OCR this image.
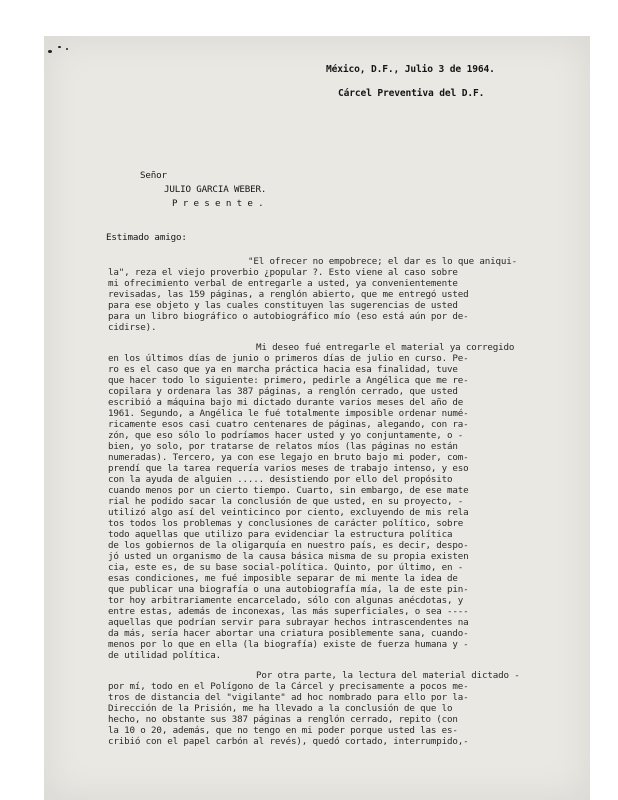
México, D.F., Julio 3 de 1964.
Cárcel Preventiva del D.F.
Señor
JULIO GARCIA WEBER.
P r e s e n t e .
Estimado amigo:
"El ofrecer no empobrece; el dar es lo que aniqui-
la", reza el viejo proverbio ¿popular ?. Esto viene al caso sobre
mi ofrecimiento verbal de entregarle a usted, ya convenientemente
revisadas, las 159 páginas, a renglón abierto, que me entregó usted
para ese objeto y las cuales constituyen las sugerencias de usted
para un libro biográfico o autobiográfico mío (eso está aún por de-
cidirse).
Mi deseo fué entregarle el material ya corregido
en los últimos días de junio o primeros días de julio en curso. Pe-
ro es el caso que ya en marcha práctica hacia esa finalidad, tuve
que hacer todo lo siguiente: primero, pedirle a Angélica que me re-
copilara y ordenara las 387 páginas, a renglón cerrado, que usted
escribió a máquina bajo mi dictado durante varios meses del año de
1961. Segundo, a Angélica le fué totalmente imposible ordenar numé-
ricamente esos casi cuatro centenares de páginas, alegando, con ra-
zón, que eso sólo lo podríamos hacer usted y yo conjuntamente, o -
bien, yo solo, por tratarse de relatos míos (las páginas no están
numeradas). Tercero, ya con ese legajo en bruto bajo mi poder, com-
prendí que la tarea requería varios meses de trabajo intenso, y eso
con la ayuda de alguien ..... desistiendo por ello del propósito
cuando menos por un cierto tiempo. Cuarto, sin embargo, de ese mate
rial he podido sacar la conclusión de que usted, en su proyecto, -
utilizó algo así del veinticinco por ciento, excluyendo de mis rela
tos todos los problemas y conclusiones de carácter político, sobre
todo aquellas que utilizo para evidenciar la estructura política
de los gobiernos de la oligarquía en nuestro país, es decir, despo-
jó usted un organismo de la causa básica misma de su propia existen
cia, este es, de su base social-política. Quinto, por último, en -
esas condiciones, me fué imposible separar de mi mente la idea de
que publicar una biografía o una autobiografía mía, la de este pin-
tor hoy arbitrariamente encarcelado, sólo con algunas anécdotas, y
entre estas, además de inconexas, las más superficiales, o sea ----
aquellas que podrían servir para subrayar hechos intrascendentes na
da más, sería hacer abortar una criatura posiblemente sana, cuando-
menos por lo que en ella (la biografía) existe de fuerza humana y -
de utilidad política.
Por otra parte, la lectura del material dictado -
por mí, todo en el Polígono de la Cárcel y precisamente a pocos me-
tros de distancia del "vigilante" ad hoc nombrado para ello por la-
Dirección de la Prisión, me ha llevado a la conclusión de que lo
hecho, no obstante sus 387 páginas a renglón cerrado, repito (con
la 10 o 20, además, que no tengo en mi poder porque usted las es-
cribió con el papel carbón al revés), quedó cortado, interrumpido,-
